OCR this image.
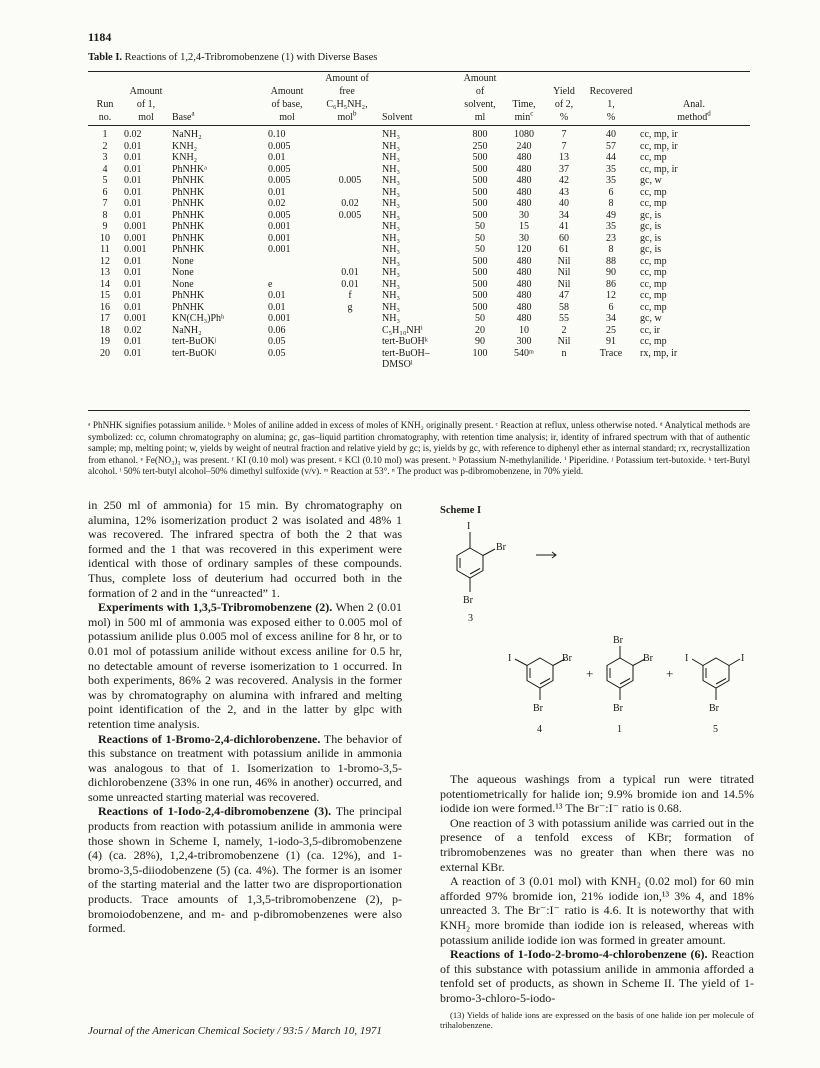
1184
Table I. Reactions of 1,2,4-Tribromobenzene (1) with Diverse Bases
				Amount of		Amount				
	Amount		Amount	free		of		Yield	Recovered	
Run	of 1,		of base,	C₆H₅NH₂,		solvent,	Time,	of 2,	1,	Anal.
no.	mol	Base$^a$	mol	mol$^b$	Solvent	ml	$\min^c$	%	%	method$^d$
1	0.02	NaNH₂	0.10		NH₃	800	1080	7	40	cc, mp, ir
2	0.01	KNH₂	0.005		NH₃	250	240	7	57	cc, mp, ir
3	0.01	KNH₂	0.01		NH₃	500	480	13	44	cc, mp
4	0.01	PhNHKᵃ	0.005		NH₃	500	480	37	35	cc, mp, ir
5	0.01	PhNHK	0.005	0.005	NH₃	500	480	42	35	gc, w
6	0.01	PhNHK	0.01		NH₃	500	480	43	6	cc, mp
7	0.01	PhNHK	0.02	0.02	NH₃	500	480	40	8	cc, mp
8	0.01	PhNHK	0.005	0.005	NH₃	500	30	34	49	gc, is
9	0.001	PhNHK	0.001		NH₃	50	15	41	35	gc, is
10	0.001	PhNHK	0.001		NH₃	50	30	60	23	gc, is
11	0.001	PhNHK	0.001		NH₃	50	120	61	8	gc, is
12	0.01	None			NH₃	500	480	Nil	88	cc, mp
13	0.01	None		0.01	NH₃	500	480	Nil	90	cc, mp
14	0.01	None	e	0.01	NH₃	500	480	Nil	86	cc, mp
15	0.01	PhNHK	0.01	f	NH₃	500	480	47	12	cc, mp
16	0.01	PhNHK	0.01	g	NH₃	500	480	58	6	cc, mp
17	0.001	KN(CH₃)Phʰ	0.001		NH₃	50	480	55	34	gc, w
18	0.02	NaNH₂	0.06		C₅H₁₀NHⁱ	20	10	2	25	cc, ir
19	0.01	tert-BuOKʲ	0.05		tert-BuOHᵏ	90	300	Nil	91	cc, mp
20	0.01	tert-BuOKʲ	0.05		tert-BuOH–	100	540ᵐ	n	Trace	rx, mp, ir
					DMSOˡ					
ᵃ PhNHK signifies potassium anilide. ᵇ Moles of aniline added in excess of moles of KNH₂ originally present. ᶜ Reaction at reflux, unless otherwise noted. ᵈ Analytical methods are symbolized: cc, column chromatography on alumina; gc, gas–liquid partition chromatography, with retention time analysis; ir, identity of infrared spectrum with that of authentic sample; mp, melting point; w, yields by weight of neutral fraction and relative yield by gc; is, yields by gc, with reference to diphenyl ether as internal standard; rx, recrystallization from ethanol. ᵉ Fe(NO₃)₃ was present. ᶠ KI (0.10 mol) was present. ᵍ KCl (0.10 mol) was present. ʰ Potassium N-methylanilide. ⁱ Piperidine. ʲ Potassium tert-butoxide. ᵏ tert-Butyl alcohol. ˡ 50% tert-butyl alcohol–50% dimethyl sulfoxide (v/v). ᵐ Reaction at 53°. ⁿ The product was p-dibromobenzene, in 70% yield.

in 250 ml of ammonia) for 15 min. By chromatography on alumina, 12% isomerization product 2 was isolated and 48% 1 was recovered. The infrared spectra of both the 2 that was formed and the 1 that was recovered in this experiment were identical with those of ordinary samples of these compounds. Thus, complete loss of deuterium had occurred both in the formation of 2 and in the “unreacted” 1.

Experiments with 1,3,5-Tribromobenzene (2). When 2 (0.01 mol) in 500 ml of ammonia was exposed either to 0.005 mol of potassium anilide plus 0.005 mol of excess aniline for 8 hr, or to 0.01 mol of potassium anilide without excess aniline for 0.5 hr, no detectable amount of reverse isomerization to 1 occurred. In both experiments, 86% 2 was recovered. Analysis in the former was by chromatography on alumina with infrared and melting point identification of the 2, and in the latter by glpc with retention time analysis.

Reactions of 1-Bromo-2,4-dichlorobenzene. The behavior of this substance on treatment with potassium anilide in ammonia was analogous to that of 1. Isomerization to 1-bromo-3,5-dichlorobenzene (33% in one run, 46% in another) occurred, and some unreacted starting material was recovered.

Reactions of 1-Iodo-2,4-dibromobenzene (3). The principal products from reaction with potassium anilide in ammonia were those shown in Scheme I, namely, 1-iodo-3,5-dibromobenzene (4) (ca. 28%), 1,2,4-tribromobenzene (1) (ca. 12%), and 1-bromo-3,5-diiodobenzene (5) (ca. 4%). The former is an isomer of the starting material and the latter two are disproportionation products. Trace amounts of 1,3,5-tribromobenzene (2), p-bromoiodobenzene, and m- and p-dibromobenzenes were also formed.

Scheme I
I
Br
Br
3
I	Br
Br
4
+
Br
Br
Br
1
+
I	I
Br
5

The aqueous washings from a typical run were titrated potentiometrically for halide ion; 9.9% bromide ion and 14.5% iodide ion were formed.¹³ The Br⁻:I⁻ ratio is 0.68.

One reaction of 3 with potassium anilide was carried out in the presence of a tenfold excess of KBr; formation of tribromobenzenes was no greater than when there was no external KBr.

A reaction of 3 (0.01 mol) with KNH₂ (0.02 mol) for 60 min afforded 97% bromide ion, 21% iodide ion,¹³ 3% 4, and 18% unreacted 3. The Br⁻:I⁻ ratio is 4.6. It is noteworthy that with KNH₂ more bromide than iodide ion is released, whereas with potassium anilide iodide ion was formed in greater amount.

Reactions of 1-Iodo-2-bromo-4-chlorobenzene (6). Reaction of this substance with potassium anilide in ammonia afforded a tenfold set of products, as shown in Scheme II. The yield of 1-bromo-3-chloro-5-iodo-

(13) Yields of halide ions are expressed on the basis of one halide ion per molecule of trihalobenzene.

Journal of the American Chemical Society / 93:5 / March 10, 1971
